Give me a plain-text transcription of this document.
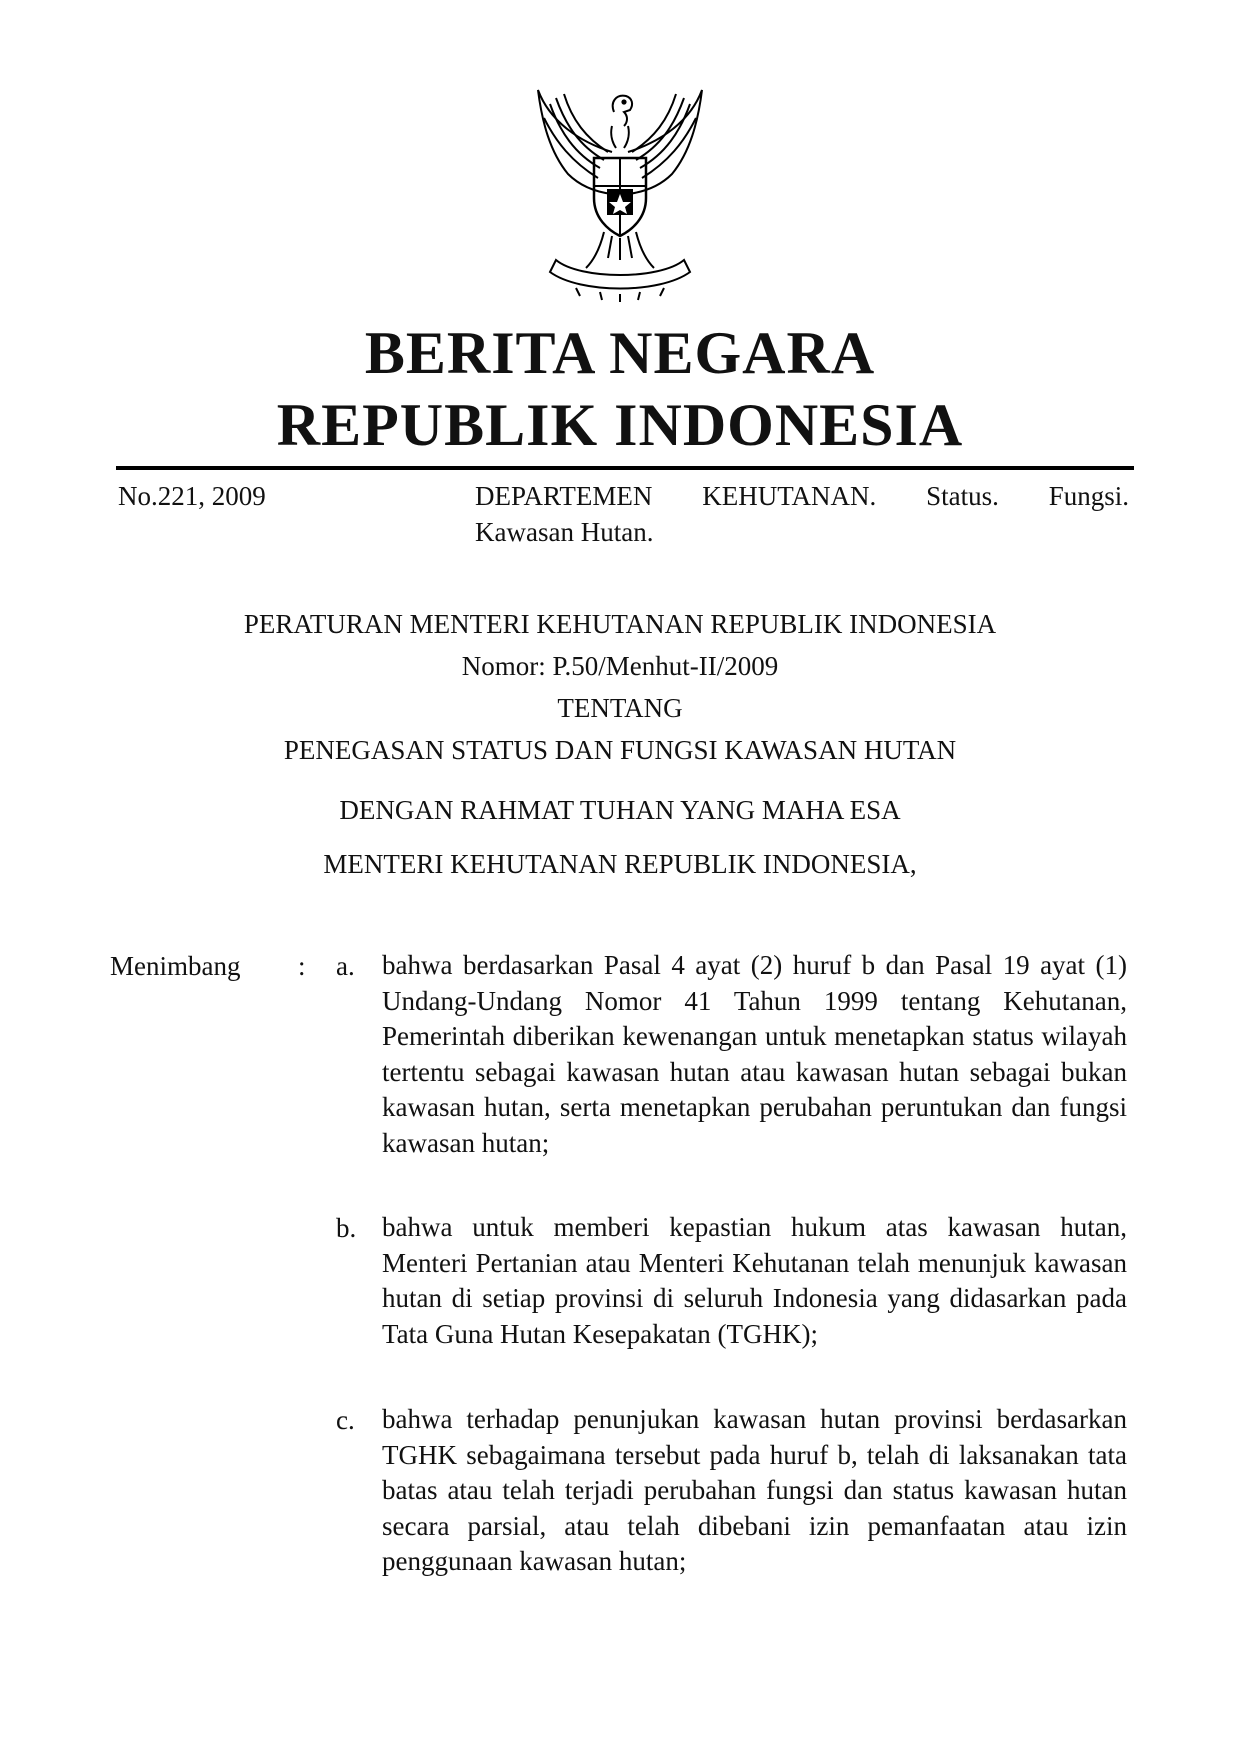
BERITA NEGARA
REPUBLIK INDONESIA
No.221, 2009	DEPARTEMEN KEHUTANAN. Status. Fungsi.
Kawasan Hutan.
PERATURAN MENTERI KEHUTANAN REPUBLIK INDONESIA
Nomor: P.50/Menhut-II/2009
TENTANG
PENEGASAN STATUS DAN FUNGSI KAWASAN HUTAN
DENGAN RAHMAT TUHAN YANG MAHA ESA
MENTERI KEHUTANAN REPUBLIK INDONESIA,
Menimbang : a. bahwa berdasarkan Pasal 4 ayat (2) huruf b dan Pasal 19 ayat (1) Undang-Undang Nomor 41 Tahun 1999 tentang Kehutanan, Pemerintah diberikan kewenangan untuk menetapkan status wilayah tertentu sebagai kawasan hutan atau kawasan hutan sebagai bukan kawasan hutan, serta menetapkan perubahan peruntukan dan fungsi kawasan hutan;

b. bahwa untuk memberi kepastian hukum atas kawasan hutan, Menteri Pertanian atau Menteri Kehutanan telah menunjuk kawasan hutan di setiap provinsi di seluruh Indonesia yang didasarkan pada Tata Guna Hutan Kesepakatan (TGHK);

c. bahwa terhadap penunjukan kawasan hutan provinsi berdasarkan TGHK sebagaimana tersebut pada huruf b, telah di laksanakan tata batas atau telah terjadi perubahan fungsi dan status kawasan hutan secara parsial, atau telah dibebani izin pemanfaatan atau izin penggunaan kawasan hutan;
